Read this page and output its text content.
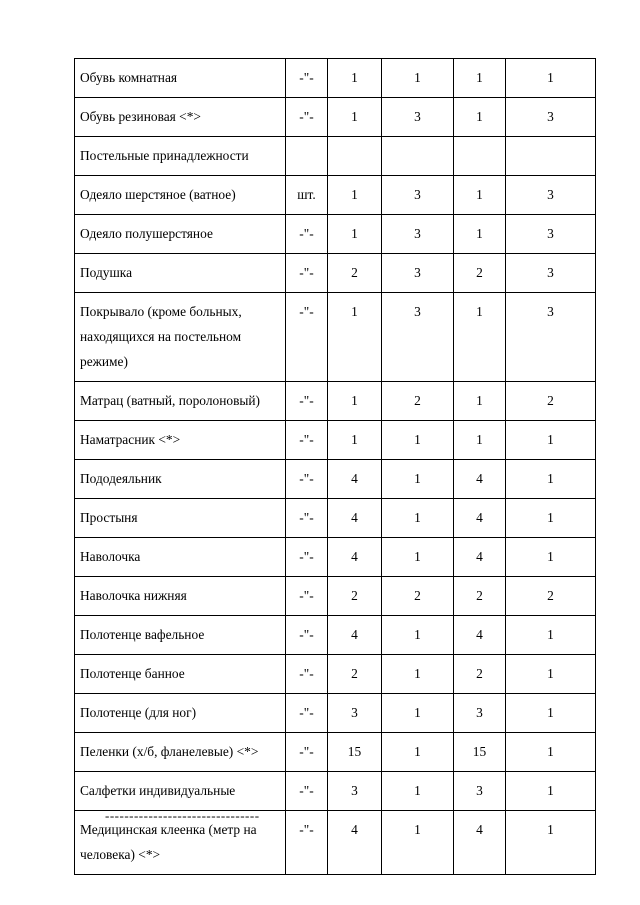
Обувь комнатная	-"-	1	1	1	1
Обувь резиновая <*>	-"-	1	3	1	3
Постельные принадлежности					
Одеяло шерстяное (ватное)	шт.	1	3	1	3
Одеяло полушерстяное	-"-	1	3	1	3
Подушка	-"-	2	3	2	3
Покрывало (кроме больных, находящихся на постельном режиме)	-"-	1	3	1	3
Матрац (ватный, поролоновый)	-"-	1	2	1	2
Наматрасник <*>	-"-	1	1	1	1
Пододеяльник	-"-	4	1	4	1
Простыня	-"-	4	1	4	1
Наволочка	-"-	4	1	4	1
Наволочка нижняя	-"-	2	2	2	2
Полотенце вафельное	-"-	4	1	4	1
Полотенце банное	-"-	2	1	2	1
Полотенце (для ног)	-"-	3	1	3	1
Пеленки (х/б, фланелевые) <*>	-"-	15	1	15	1
Салфетки индивидуальные	-"-	3	1	3	1
Медицинская клеенка (метр на человека) <*>	-"-	4	1	4	1
--------------------------------
